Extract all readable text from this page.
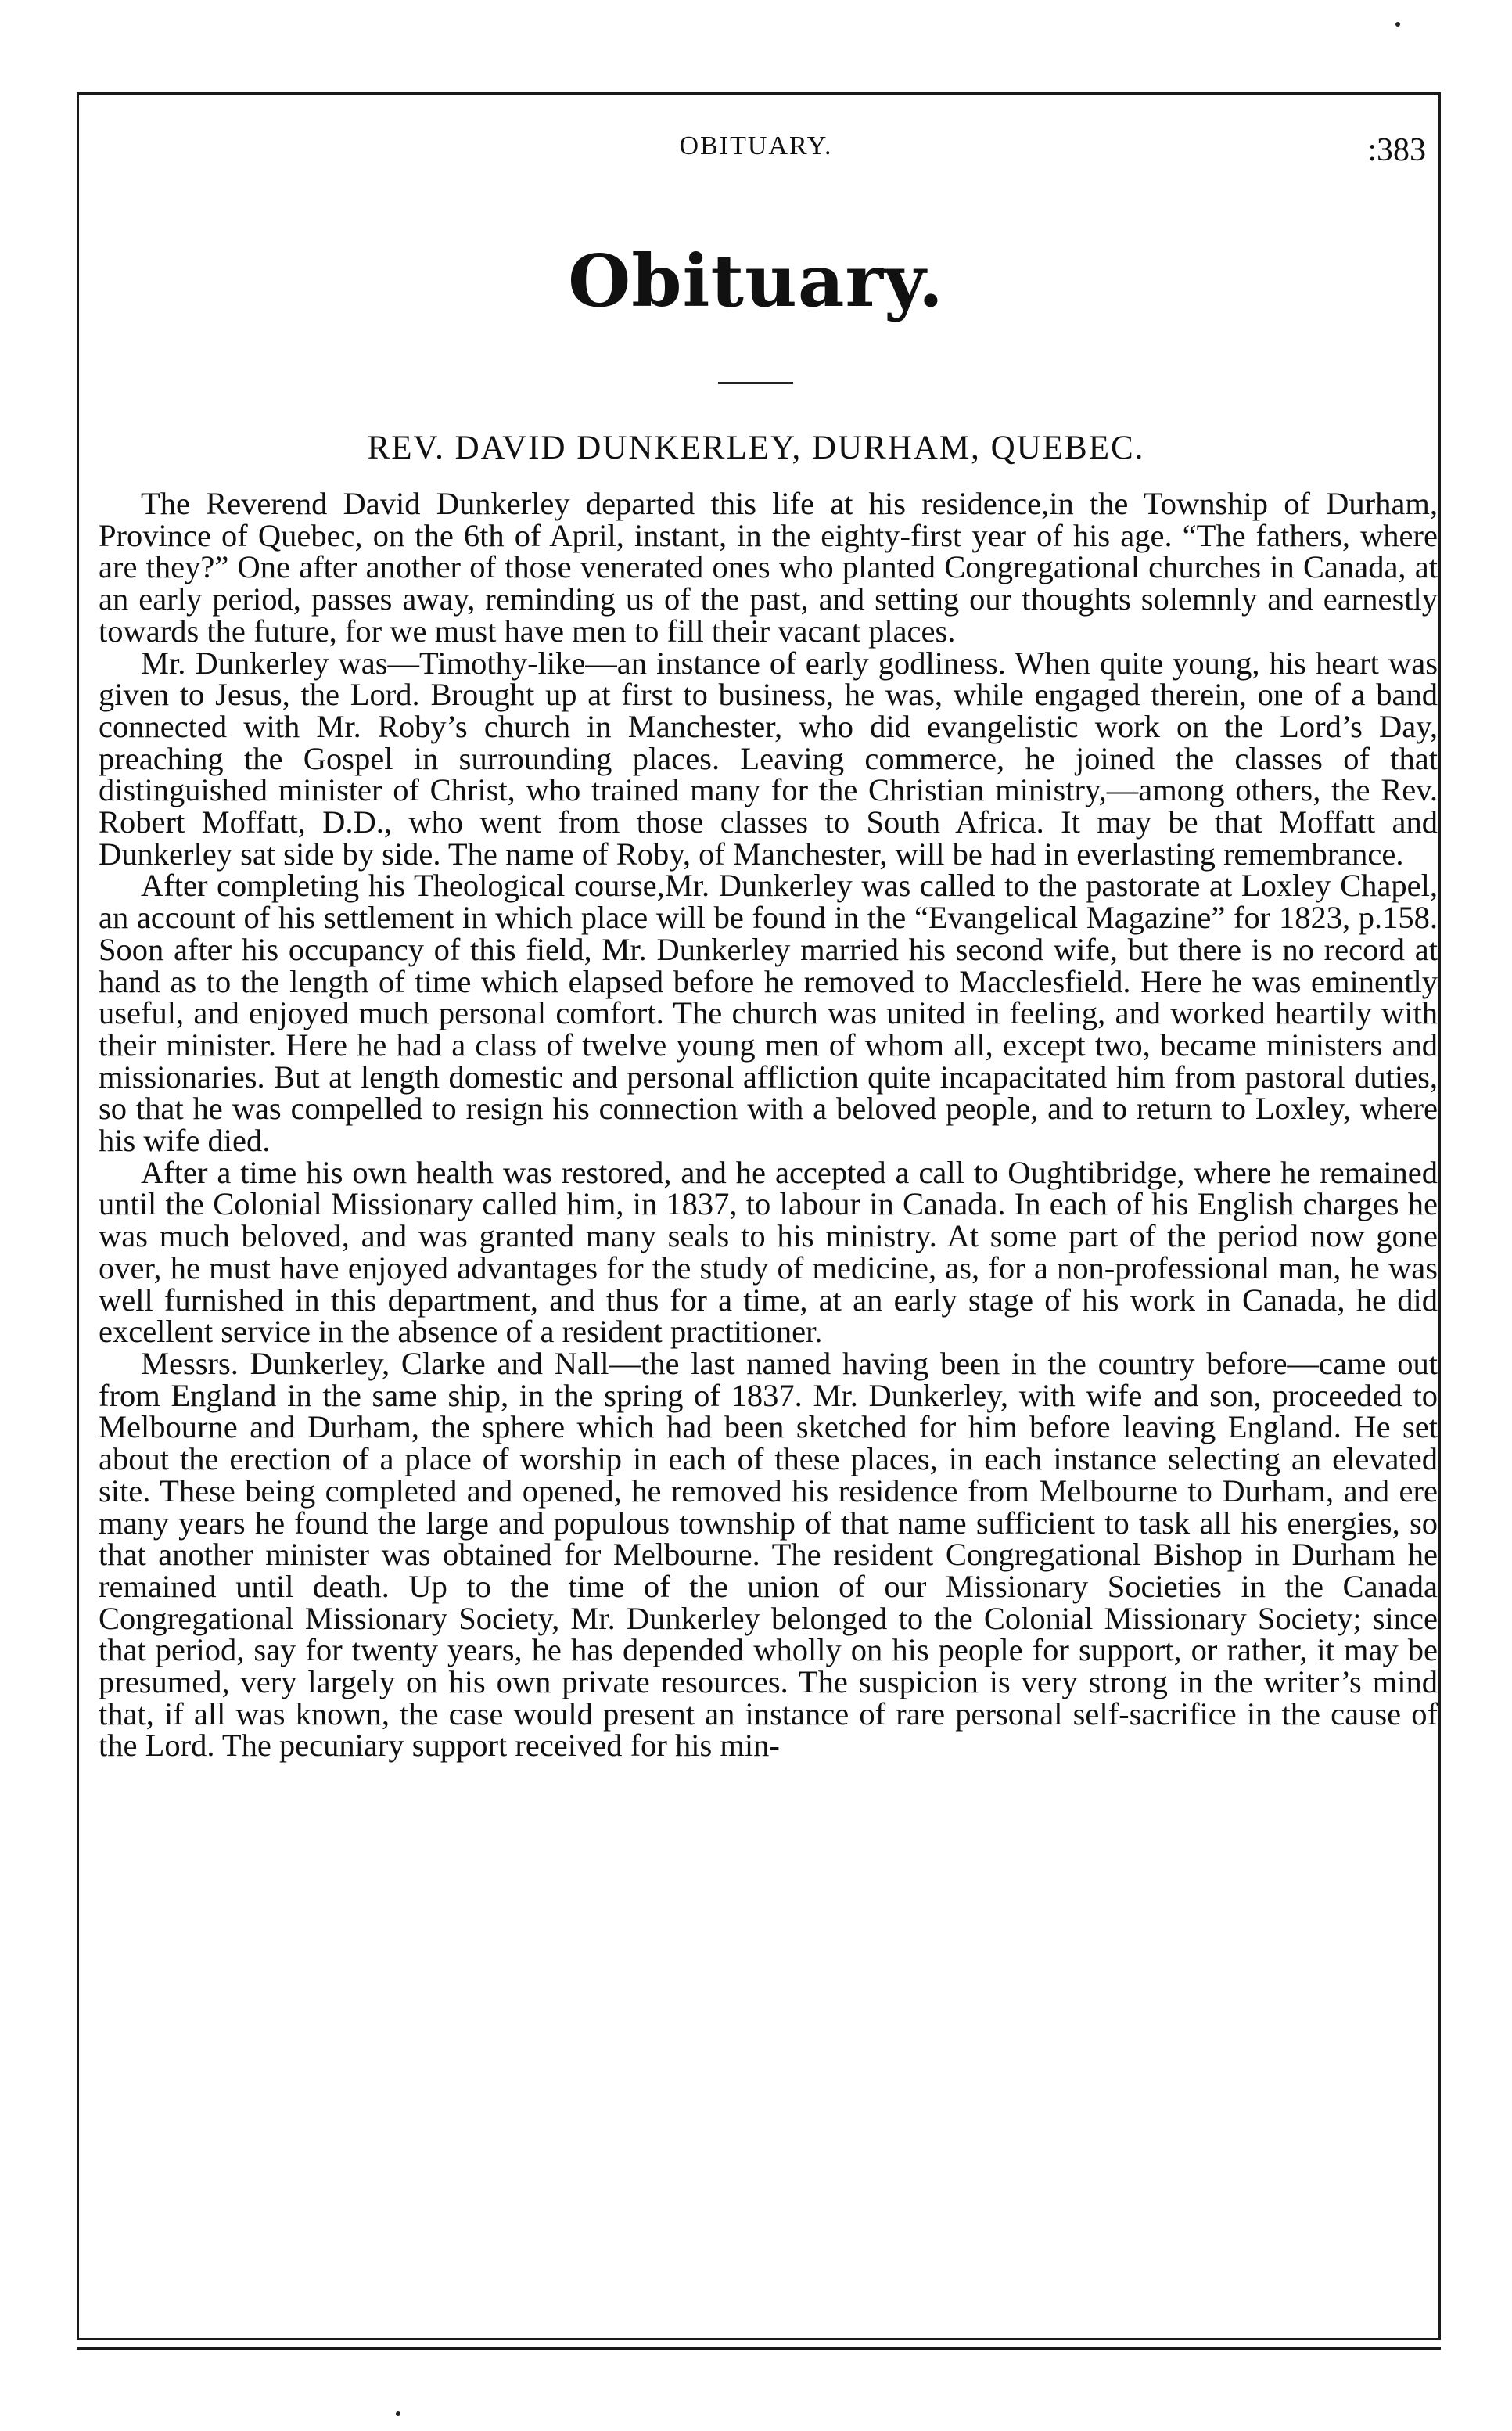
OBITUARY.	:383
Obituary.
REV. DAVID DUNKERLEY, DURHAM, QUEBEC.

The Reverend David Dunkerley departed this life at his residence,in the Township of Durham, Province of Quebec, on the 6th of April, instant, in the eighty-first year of his age. “The fathers, where are they?” One after another of those venerated ones who planted Congregational churches in Canada, at an early period, passes away, reminding us of the past, and setting our thoughts solemnly and earnestly towards the future, for we must have men to fill their vacant places.

Mr. Dunkerley was—Timothy-like—an instance of early godliness. When quite young, his heart was given to Jesus, the Lord. Brought up at first to business, he was, while engaged therein, one of a band connected with Mr. Roby’s church in Manchester, who did evangelistic work on the Lord’s Day, preaching the Gospel in surrounding places. Leaving commerce, he joined the classes of that distinguished minister of Christ, who trained many for the Christian ministry,—among others, the Rev. Robert Moffatt, D.D., who went from those classes to South Africa. It may be that Moffatt and Dunkerley sat side by side. The name of Roby, of Manchester, will be had in everlasting remembrance.

After completing his Theological course,Mr. Dunkerley was called to the pastorate at Loxley Chapel, an account of his settlement in which place will be found in the “Evangelical Magazine” for 1823, p.158. Soon after his occupancy of this field, Mr. Dunkerley married his second wife, but there is no record at hand as to the length of time which elapsed before he removed to Macclesfield. Here he was eminently useful, and enjoyed much personal comfort. The church was united in feeling, and worked heartily with their minister. Here he had a class of twelve young men of whom all, except two, became ministers and missionaries. But at length domestic and personal affliction quite incapacitated him from pastoral duties, so that he was compelled to resign his connection with a beloved people, and to return to Loxley, where his wife died.

After a time his own health was restored, and he accepted a call to Oughtibridge, where he remained until the Colonial Missionary called him, in 1837, to labour in Canada. In each of his English charges he was much beloved, and was granted many seals to his ministry. At some part of the period now gone over, he must have enjoyed advantages for the study of medicine, as, for a non-professional man, he was well furnished in this department, and thus for a time, at an early stage of his work in Canada, he did excellent service in the absence of a resident practitioner.

Messrs. Dunkerley, Clarke and Nall—the last named having been in the country before—came out from England in the same ship, in the spring of 1837. Mr. Dunkerley, with wife and son, proceeded to Melbourne and Durham, the sphere which had been sketched for him before leaving England. He set about the erection of a place of worship in each of these places, in each instance selecting an elevated site. These being completed and opened, he removed his residence from Melbourne to Durham, and ere many years he found the large and populous township of that name sufficient to task all his energies, so that another minister was obtained for Melbourne. The resident Congregational Bishop in Durham he remained until death. Up to the time of the union of our Missionary Societies in the Canada Congregational Missionary Society, Mr. Dunkerley belonged to the Colonial Missionary Society; since that period, say for twenty years, he has depended wholly on his people for support, or rather, it may be presumed, very largely on his own private resources. The suspicion is very strong in the writer’s mind that, if all was known, the case would present an instance of rare personal self-sacrifice in the cause of the Lord. The pecuniary support received for his min-
